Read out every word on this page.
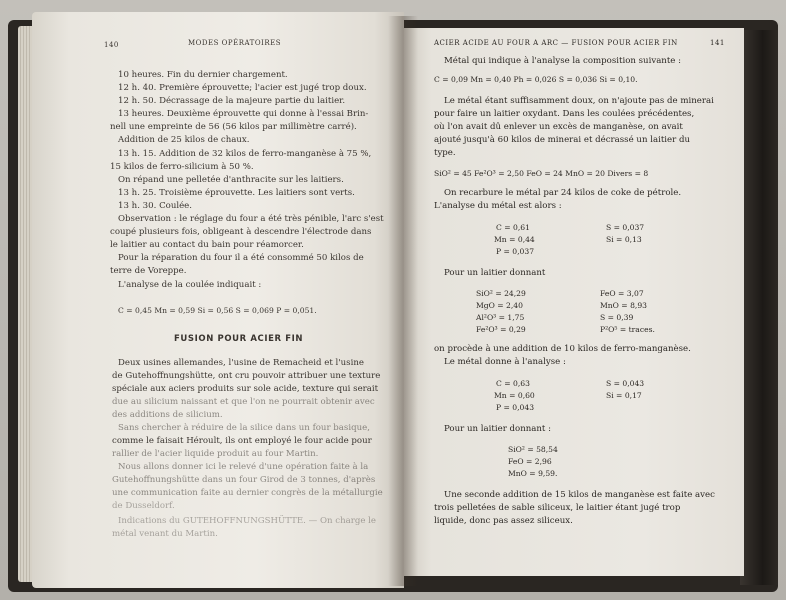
140	MODES OPÉRATOIRES
10 heures. Fin du dernier chargement.
12 h. 40. Première éprouvette; l'acier est jugé trop doux.
12 h. 50. Décrassage de la majeure partie du laitier.
13 heures. Deuxième éprouvette qui donne à l'essai Brin-
nell une empreinte de 56 (56 kilos par millimètre carré).
Addition de 25 kilos de chaux.
13 h. 15. Addition de 32 kilos de ferro-manganèse à 75 %,
15 kilos de ferro-silicium à 50 %.
On répand une pelletée d'anthracite sur les laitiers.
13 h. 25. Troisième éprouvette. Les laitiers sont verts.
13 h. 30. Coulée.
Observation : le réglage du four a été très pénible, l'arc s'est
coupé plusieurs fois, obligeant à descendre l'électrode dans
le laitier au contact du bain pour réamorcer.
Pour la réparation du four il a été consommé 50 kilos de
terre de Voreppe.
L'analyse de la coulée indiquait :
C = 0,45 Mn = 0,59 Si = 0,56 S = 0,069 P = 0,051.
FUSION POUR ACIER FIN
Deux usines allemandes, l'usine de Remacheid et l'usine
de Gutehoffnungshütte, ont cru pouvoir attribuer une texture
spéciale aux aciers produits sur sole acide, texture qui serait
due au silicium naissant et que l'on ne pourrait obtenir avec
des additions de silicium.
Sans chercher à réduire de la silice dans un four basique,
comme le faisait Héroult, ils ont employé le four acide pour
rallier de l'acier liquide produit au four Martin.
Nous allons donner ici le relevé d'une opération faite à la
Gutehoffnungshütte dans un four Girod de 3 tonnes, d'après
une communication faite au dernier congrès de la métallurgie
de Dusseldorf.
Indications du GUTEHOFFNUNGSHÜTTE. — On charge le
métal venant du Martin.
ACIER ACIDE AU FOUR A ARC — FUSION POUR ACIER FIN	141
Métal qui indique à l'analyse la composition suivante :
C = 0,09 Mn = 0,40 Ph = 0,026 S = 0,036 Si = 0,10.
Le métal étant suffisamment doux, on n'ajoute pas de minerai
pour faire un laitier oxydant. Dans les coulées précédentes,
où l'on avait dû enlever un excès de manganèse, on avait
ajouté jusqu'à 60 kilos de minerai et décrassé un laitier du
type.
SiO² = 45 Fe²O³ = 2,50 FeO = 24 MnO = 20 Divers = 8
On recarbure le métal par 24 kilos de coke de pétrole.
L'analyse du métal est alors :
C = 0,61
Mn = 0,44
P = 0,037
S = 0,037
Si = 0,13
Pour un laitier donnant
SiO² = 24,29
MgO = 2,40
Al²O³ = 1,75
Fe²O³ = 0,29
FeO = 3,07
MnO = 8,93
S = 0,39
P²O⁵ = traces.
on procède à une addition de 10 kilos de ferro-manganèse.
Le métal donne à l'analyse :
C = 0,63
Mn = 0,60
P = 0,043
S = 0,043
Si = 0,17
Pour un laitier donnant :
SiO² = 58,54
FeO = 2,96
MnO = 9,59.
Une seconde addition de 15 kilos de manganèse est faite avec
trois pelletées de sable siliceux, le laitier étant jugé trop
liquide, donc pas assez siliceux.
